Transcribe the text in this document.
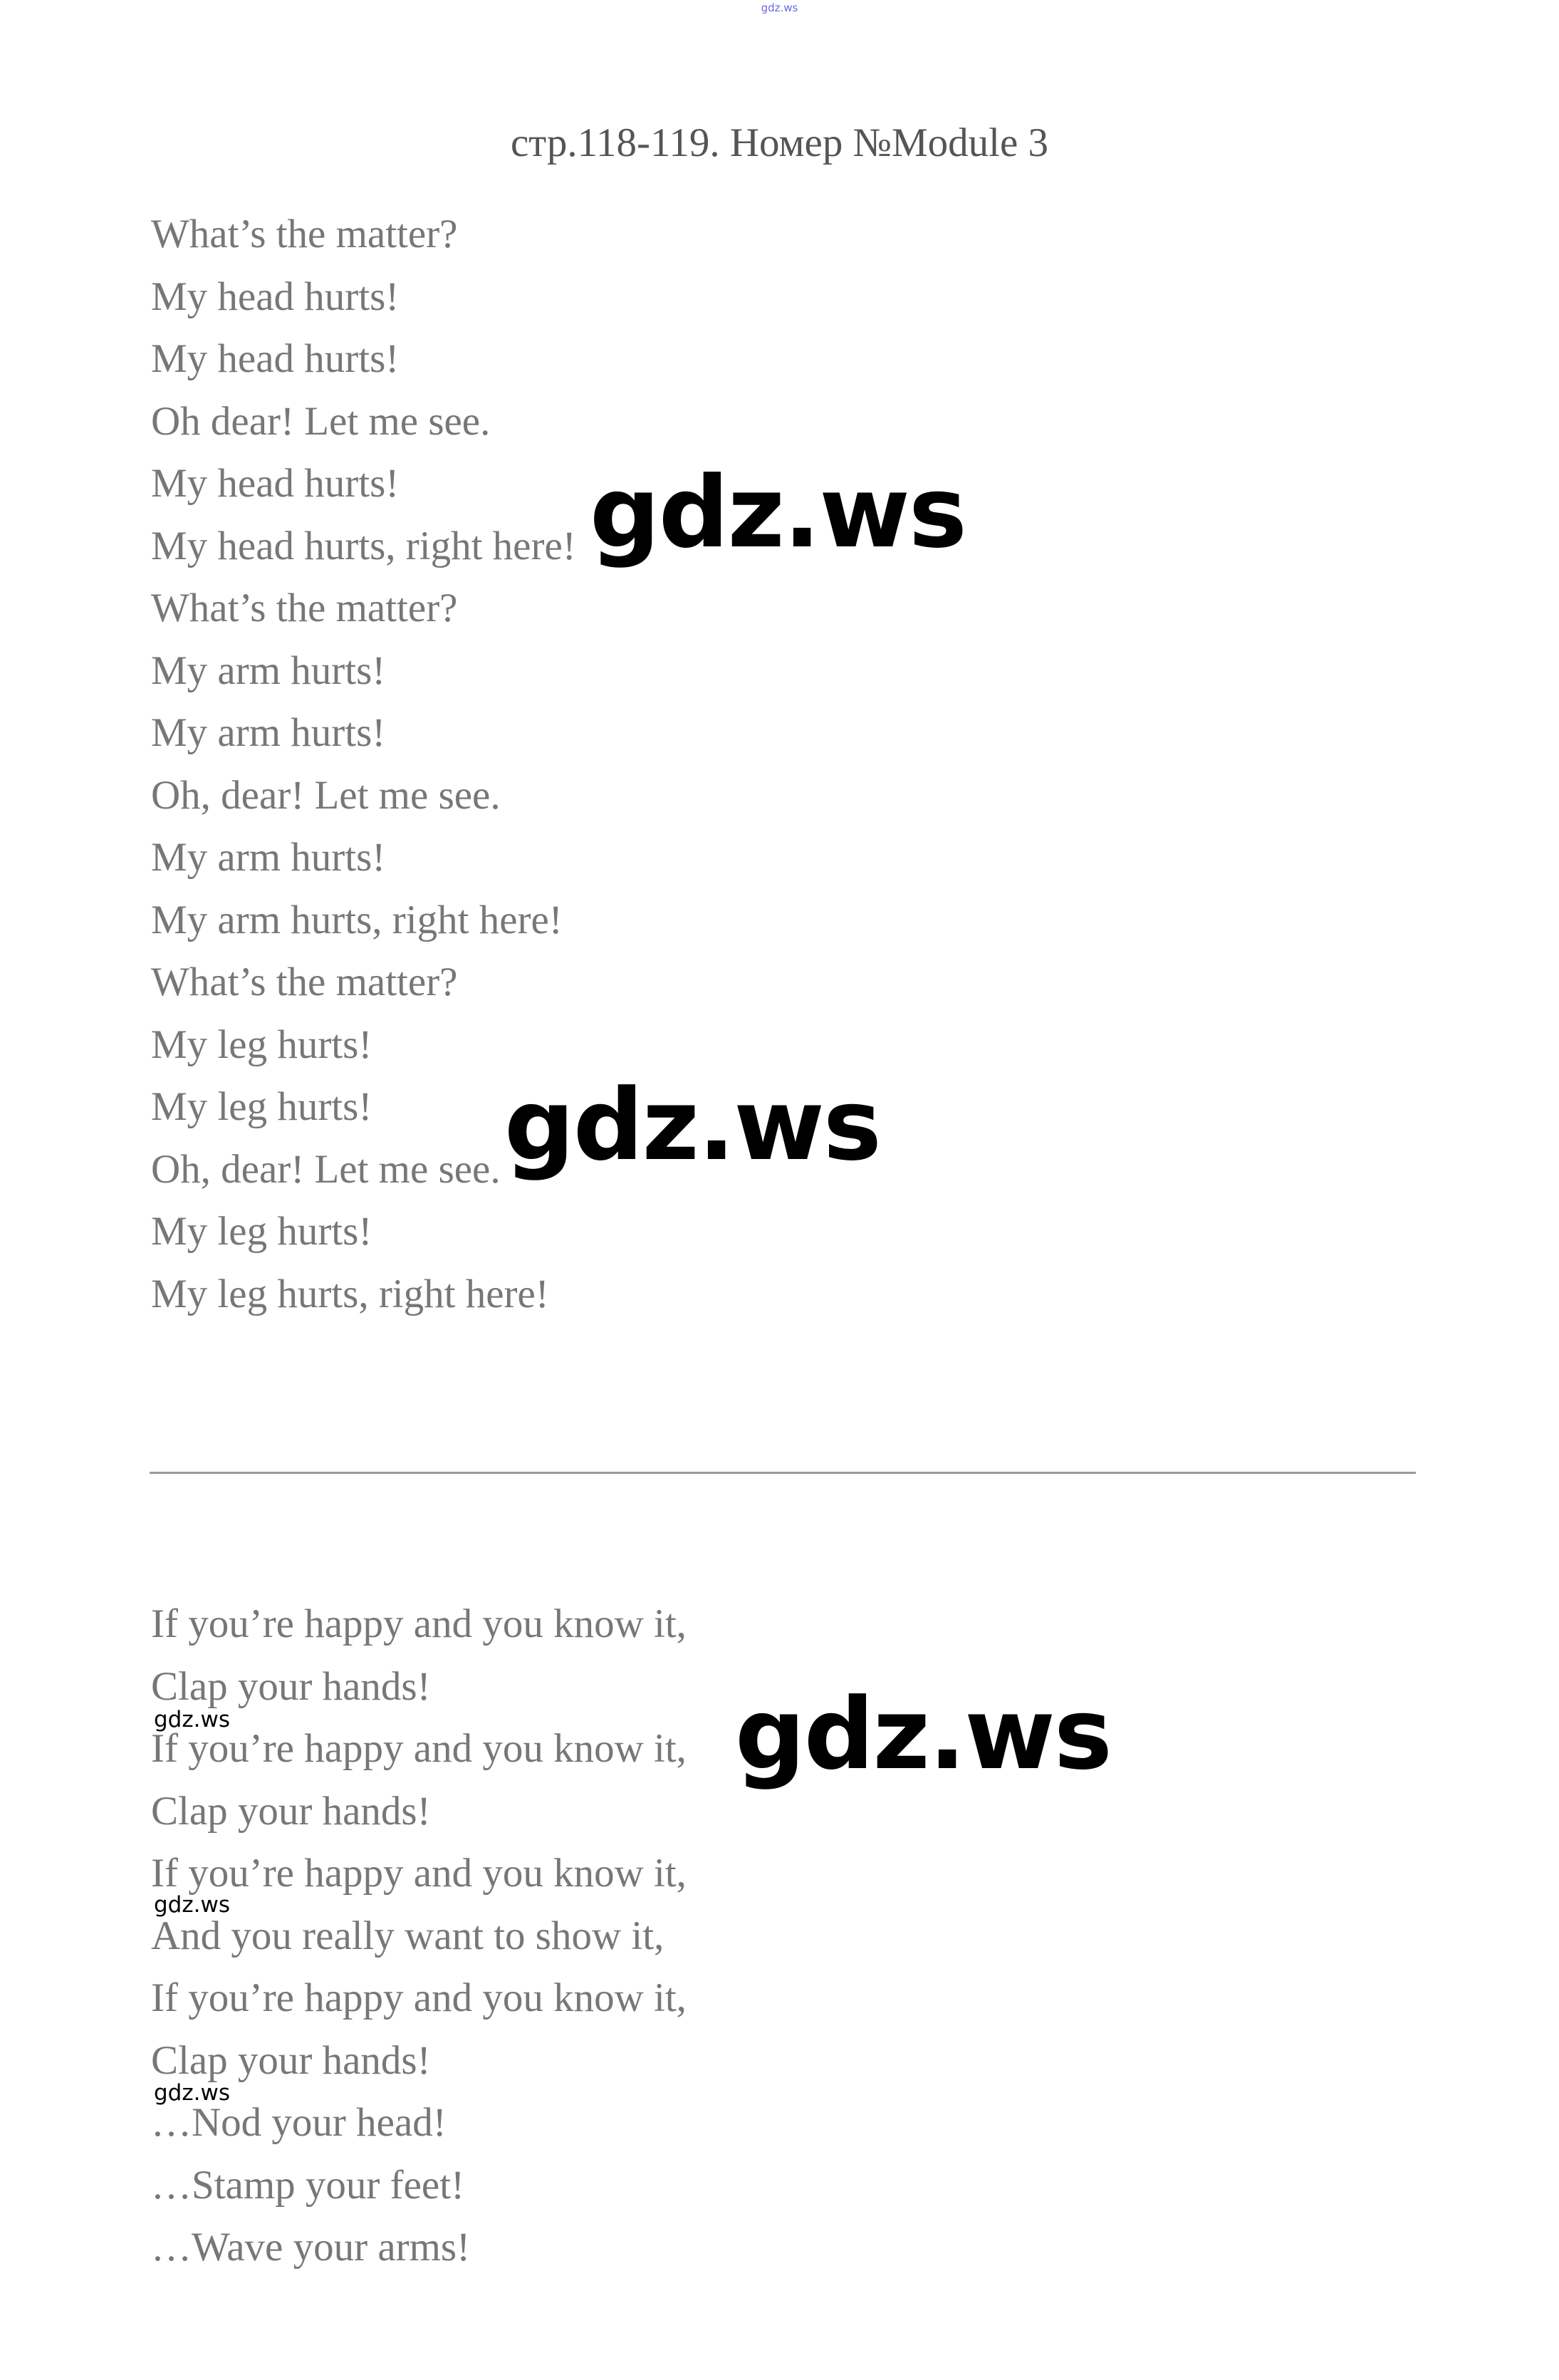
gdz.ws
стр.118-119. Номер №Module 3
What’s the matter?
My head hurts!
My head hurts!
Oh dear! Let me see.
My head hurts!
My head hurts, right here!
What’s the matter?
My arm hurts!
My arm hurts!
Oh, dear! Let me see.
My arm hurts!
My arm hurts, right here!
What’s the matter?
My leg hurts!
My leg hurts!
Oh, dear! Let me see.
My leg hurts!
My leg hurts, right here!
If you’re happy and you know it,
Clap your hands!
If you’re happy and you know it,
Clap your hands!
If you’re happy and you know it,
And you really want to show it,
If you’re happy and you know it,
Clap your hands!
…Nod your head!
…Stamp your feet!
…Wave your arms!
gdz.ws
gdz.ws
gdz.ws
gdz.ws
gdz.ws
gdz.ws
